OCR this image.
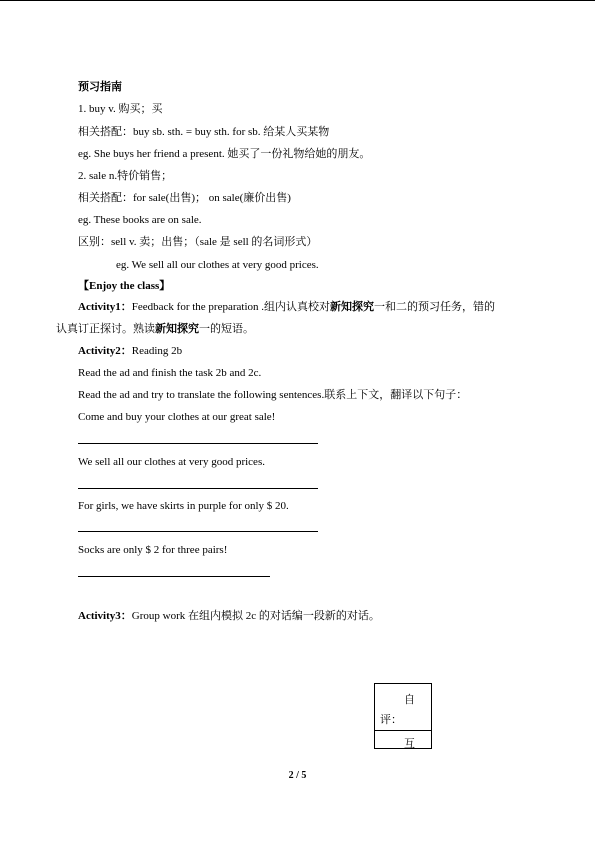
预习指南
1. buy v. 购买；买
相关搭配：buy sb. sth. = buy sth. for sb. 给某人买某物
eg. She buys her friend a present. 她买了一份礼物给她的朋友。
2. sale n.特价销售；
相关搭配：for sale(出售)； on sale(廉价出售)
eg. These books are on sale.
区别：sell v. 卖；出售；（sale 是 sell 的名词形式）
eg. We sell all our clothes at very good prices.
【Enjoy the class】
Activity1：Feedback for the preparation .组内认真校对新知探究一和二的预习任务，错的
认真订正探讨。熟读新知探究一的短语。
Activity2：Reading 2b
Read the ad and finish the task 2b and 2c.
Read the ad and try to translate the following sentences.联系上下文，翻译以下句子：
Come and buy your clothes at our great sale!
We sell all our clothes at very good prices.
For girls, we have skirts in purple for only $ 20.
Socks are only $ 2 for three pairs!
Activity3：Group work 在组内模拟 2c 的对话编一段新的对话。
自
评：
互
2 / 5
